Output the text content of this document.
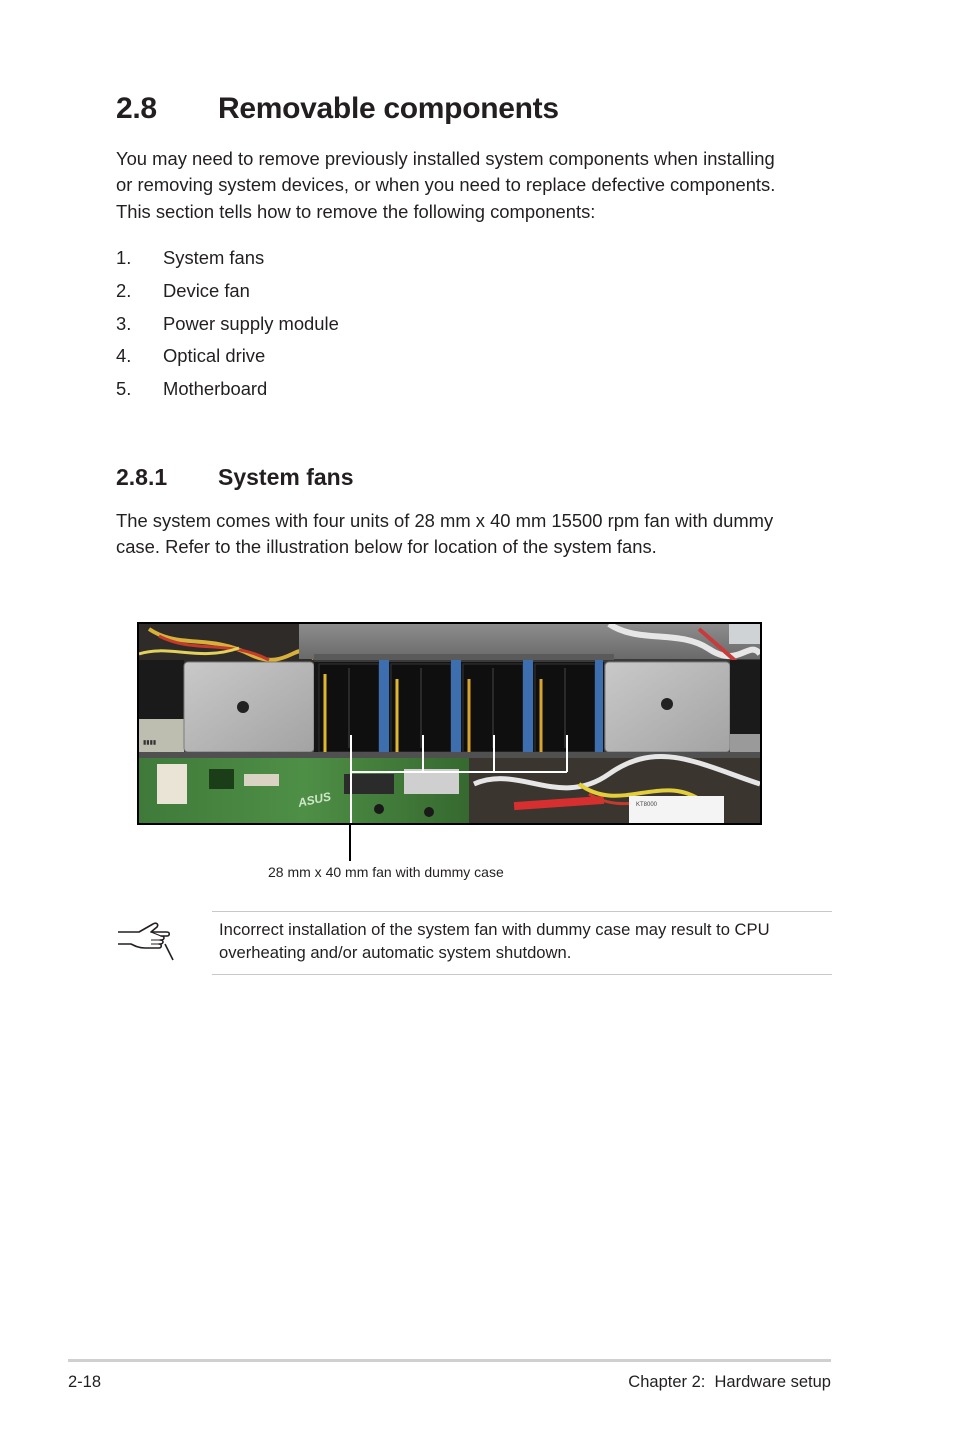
2.8 Removable components

You may need to remove previously installed system components when installing

or removing system devices, or when you need to replace defective components.

This section tells how to remove the following components:

1. System fans
2. Device fan
3. Power supply module
4. Optical drive
5. Motherboard
2.8.1 System fans

The system comes with four units of 28 mm x 40 mm 15500 rpm fan with dummy

case. Refer to the illustration below for location of the system fans.

▮▮▮▮
ASUS	KT8000
28 mm x 40 mm fan with dummy case
Incorrect installation of the system fan with dummy case may result to CPU overheating and/or automatic system shutdown.
2-18	Chapter 2:  Hardware setup
